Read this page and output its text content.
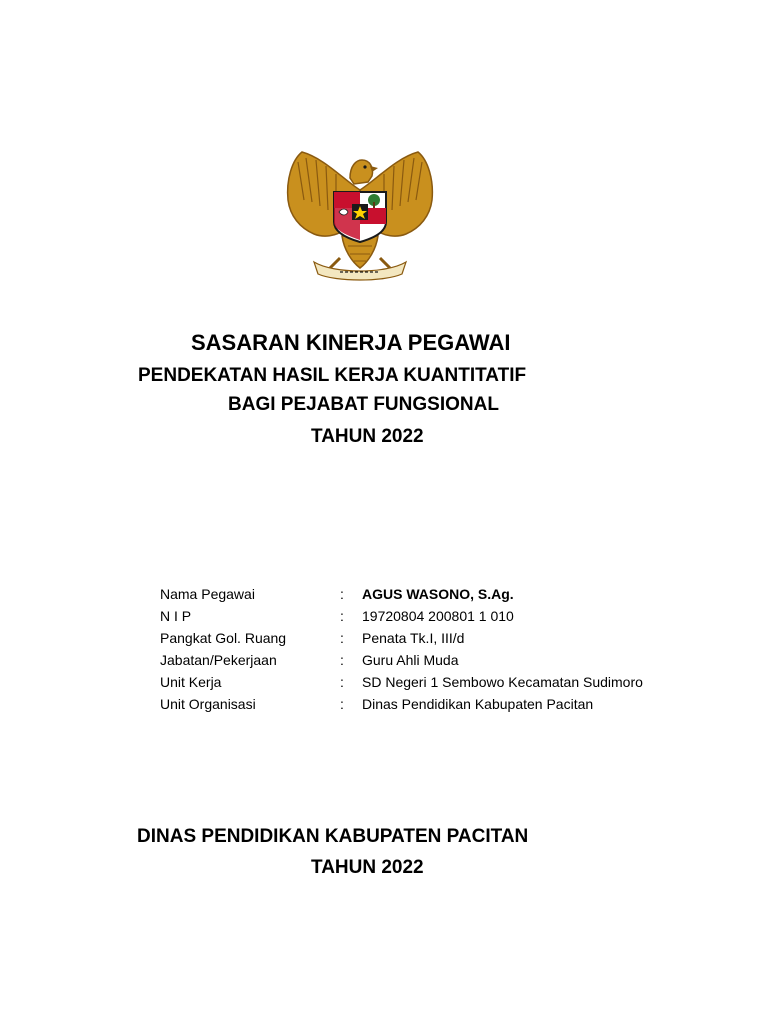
SASARAN KINERJA PEGAWAI
PENDEKATAN HASIL KERJA KUANTITATIF
BAGI PEJABAT FUNGSIONAL
TAHUN 2022
Nama Pegawai	: AGUS WASONO, S.Ag.
N I P	: 19720804 200801 1 010
Pangkat Gol. Ruang	: Penata Tk.I, III/d
Jabatan/Pekerjaan	: Guru Ahli Muda
Unit Kerja	: SD Negeri 1 Sembowo Kecamatan Sudimoro
Unit Organisasi	: Dinas Pendidikan Kabupaten Pacitan
DINAS PENDIDIKAN KABUPATEN PACITAN
TAHUN 2022
